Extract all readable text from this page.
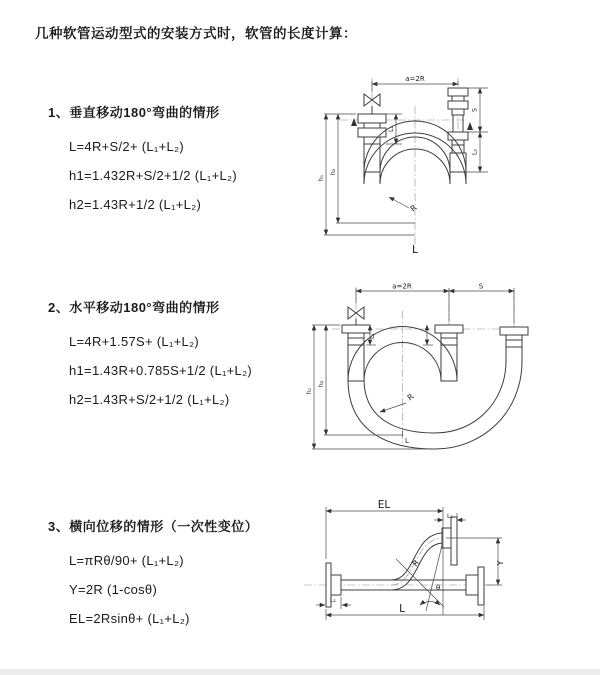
几种软管运动型式的安装方式时，软管的长度计算：

1、垂直移动180°弯曲的情形

L=4R+S/2+ (L₁+L₂)

h1=1.432R+S/2+1/2 (L₁+L₂)

h2=1.43R+1/2 (L₁+L₂)

2、水平移动180°弯曲的情形

L=4R+1.57S+ (L₁+L₂)

h1=1.43R+0.785S+1/2 (L₁+L₂)

h2=1.43R+S/2+1/2 (L₁+L₂)

3、横向位移的情形（一次性变位）

L=πRθ/90+ (L₁+L₂)

Y=2R (1-cosθ)

EL=2Rsinθ+ (L₁+L₂)

a=2R
h₁
h₂
L₁
S
L₂
R
L
a=2R	S
h₁
h₂
L₁
R
L
EL
L₂
Y
L
L₁
θ
R
